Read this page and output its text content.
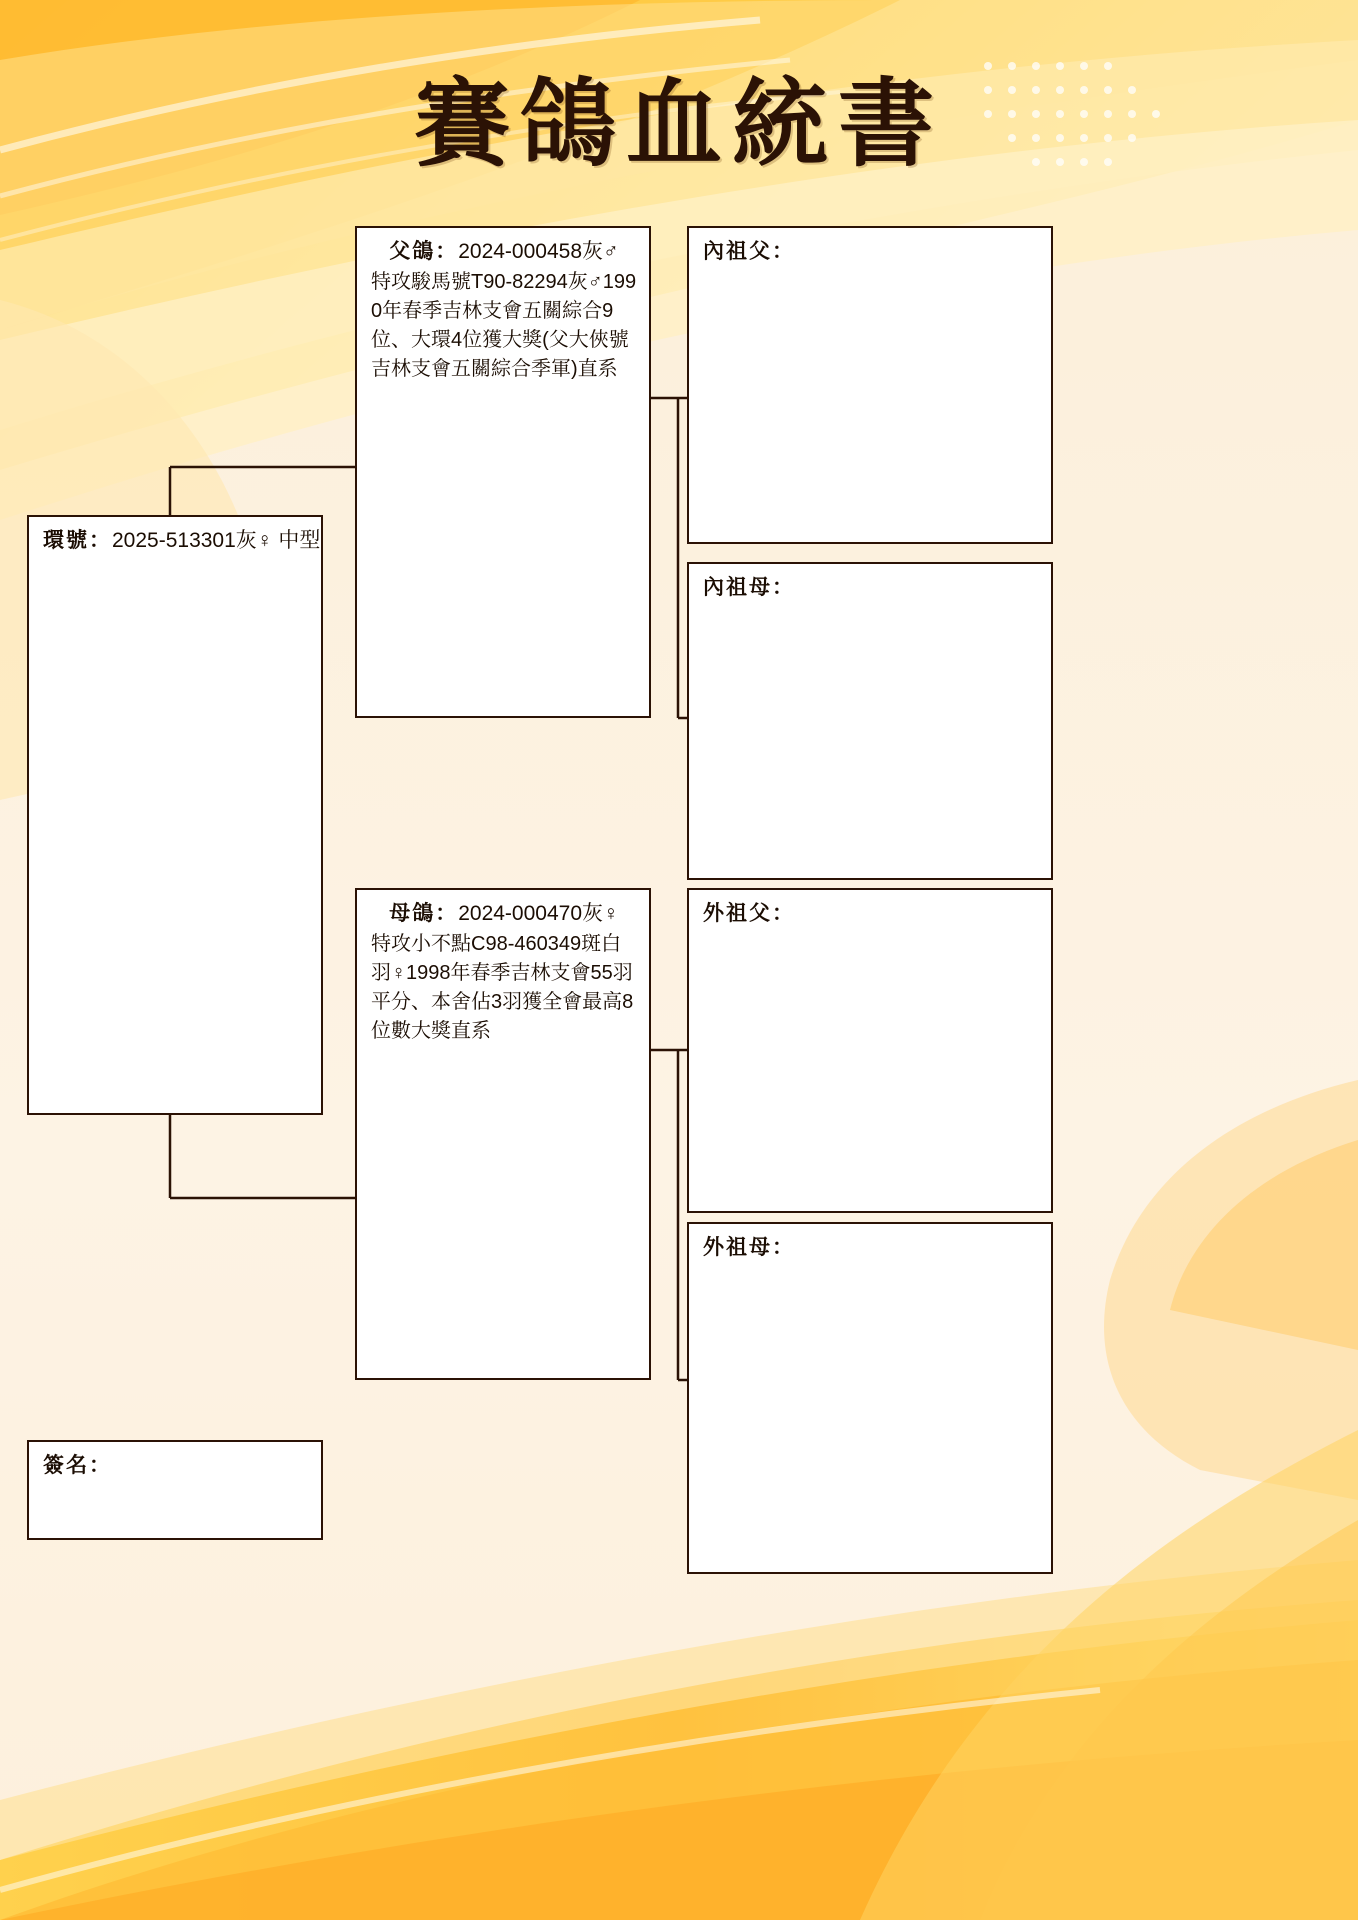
賽鴿血統書
環號：2025-513301灰♀ 中型
父鴿：2024-000458灰♂
特攻駿馬號T90-82294灰♂1990年春季吉林支會五關綜合9位、大環4位獲大獎(父大俠號吉林支會五關綜合季軍)直系
母鴿：2024-000470灰♀
特攻小不點C98-460349斑白羽♀1998年春季吉林支會55羽平分、本舍佔3羽獲全會最高8位數大獎直系
內祖父：
內祖母：
外祖父：
外祖母：
簽名：
